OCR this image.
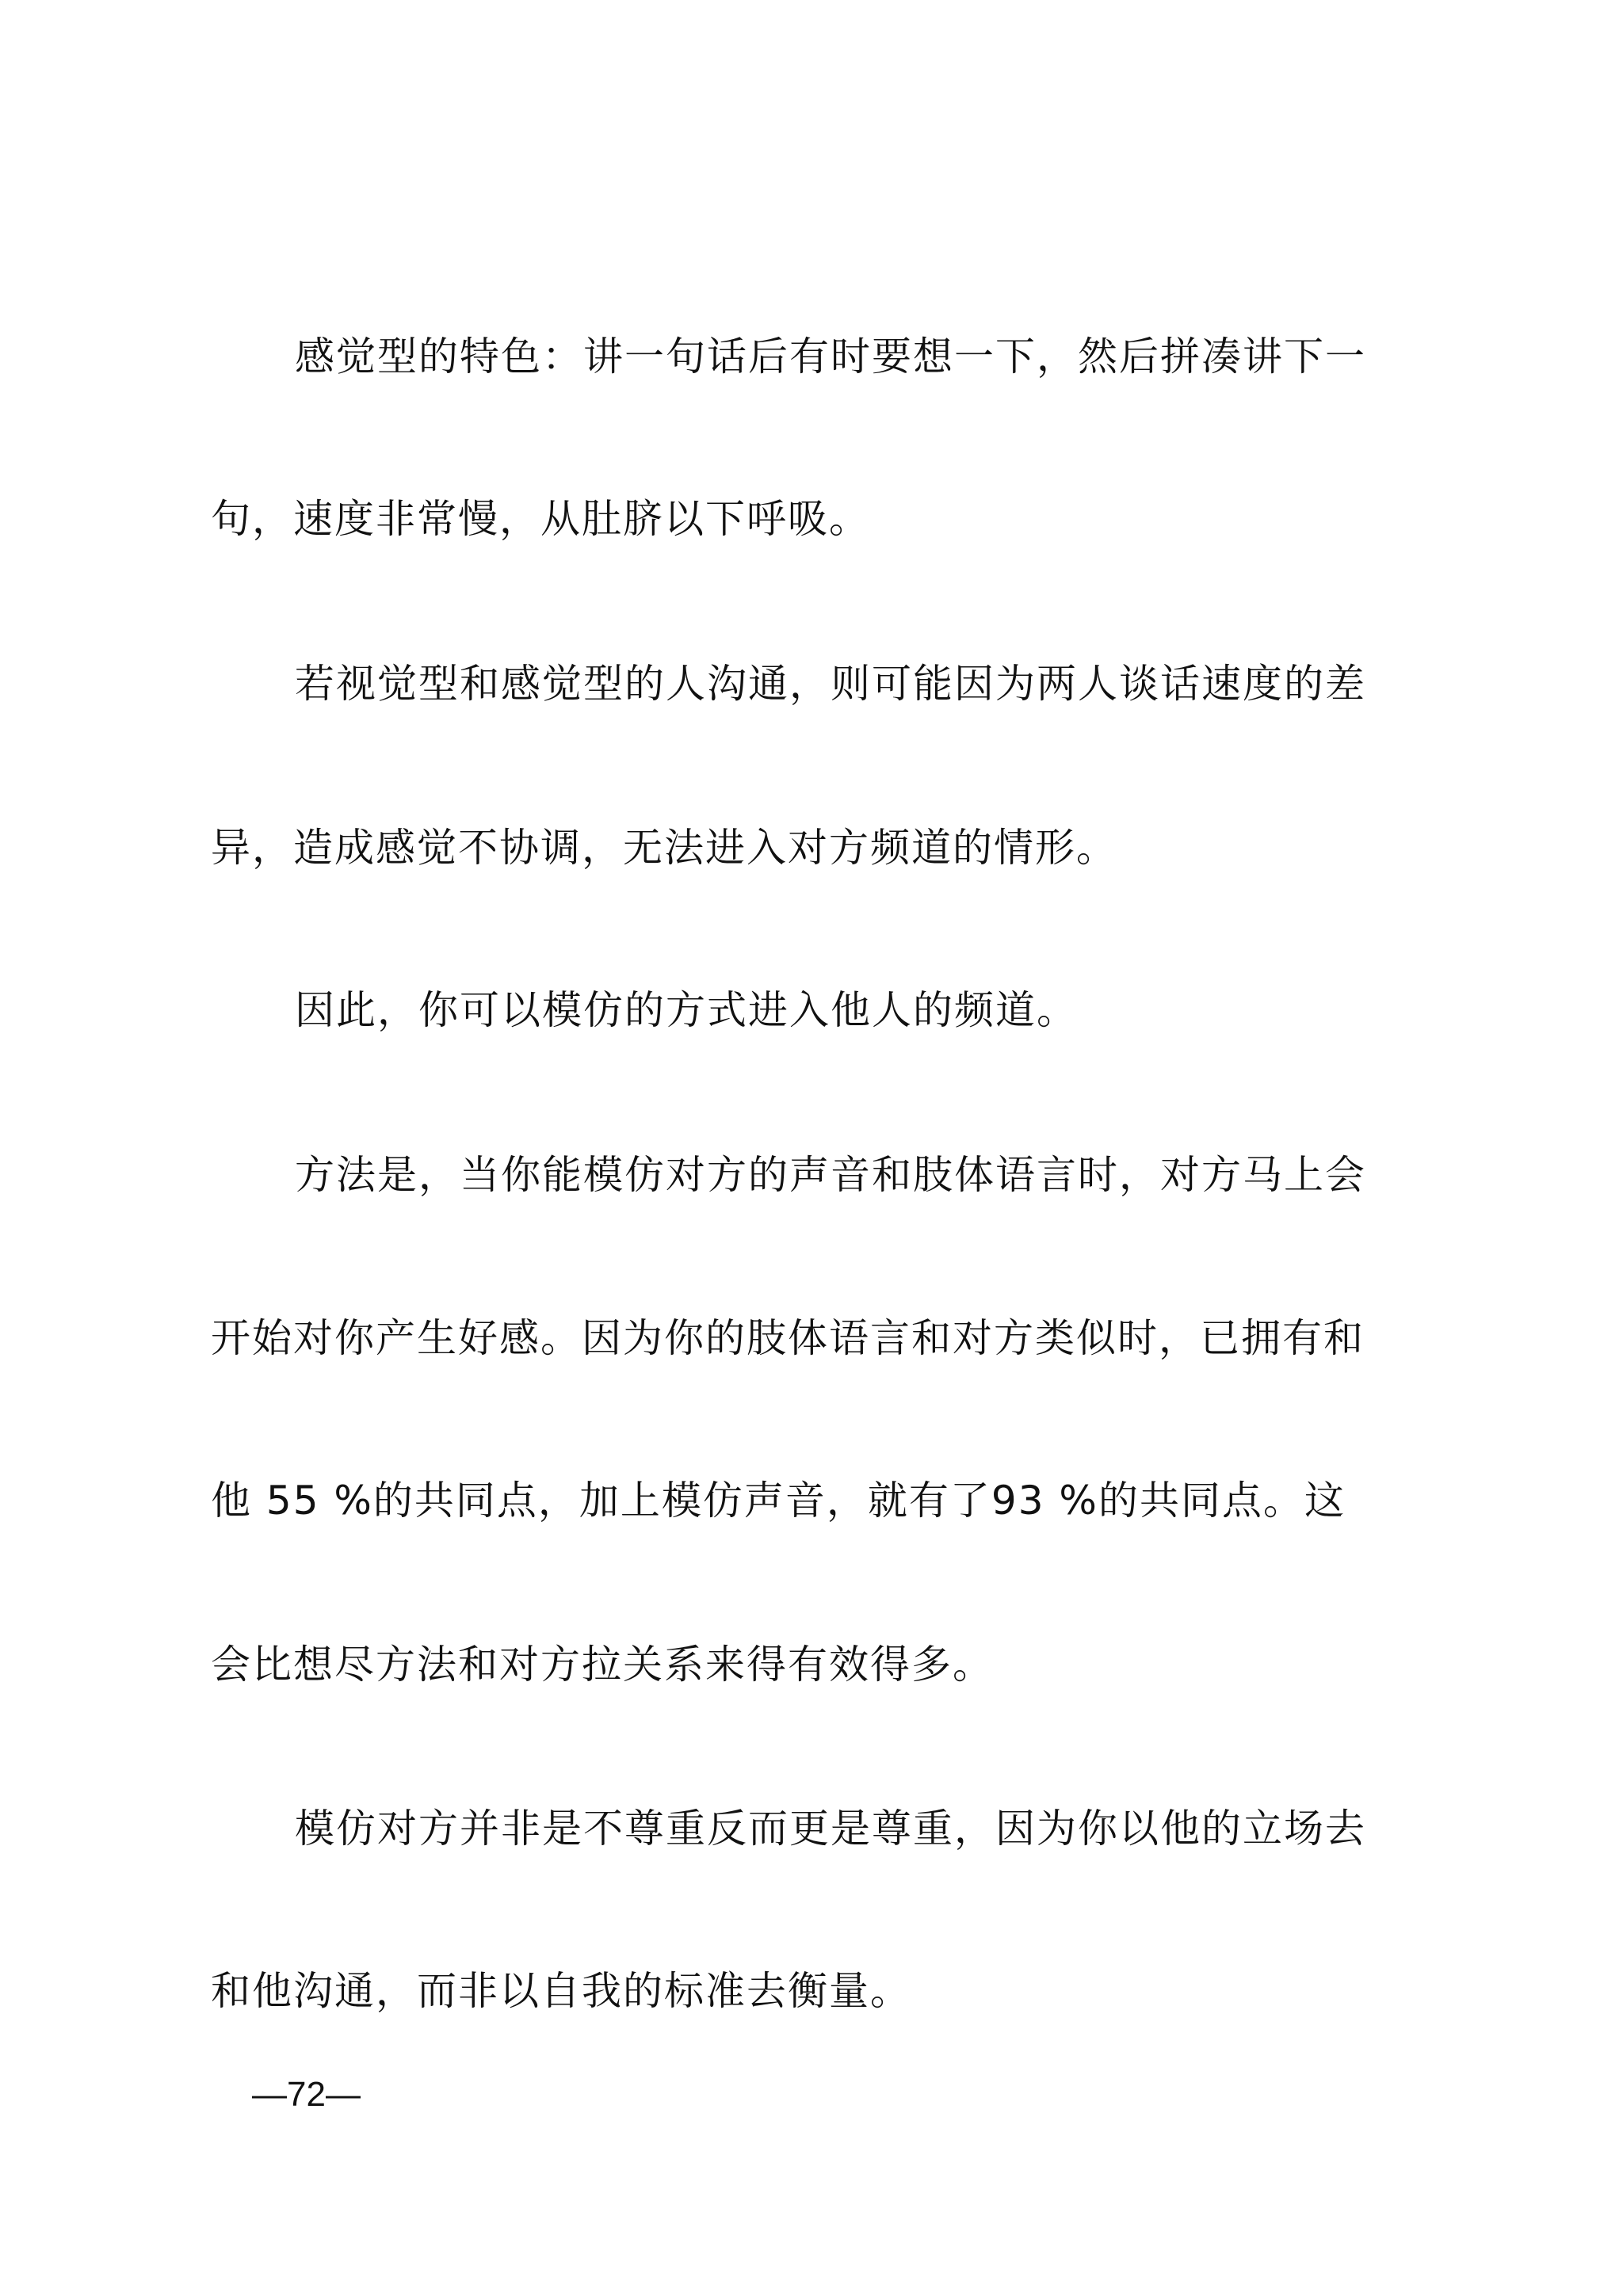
感觉型的特色：讲一句话后有时要想一下，然后拼凑讲下一
句，速度非常慢，从肚脐以下呼吸。
若视觉型和感觉型的人沟通，则可能因为两人谈话速度的差
异，造成感觉不协调，无法进入对方频道的情形。
因此，你可以模仿的方式进入他人的频道。
方法是，当你能模仿对方的声音和肢体语言时，对方马上会
开始对你产生好感。因为你的肢体语言和对方类似时，已拥有和
他 55 %的共同点，加上模仿声音，就有了93 %的共同点。这
会比想尽方法和对方拉关系来得有效得多。
模仿对方并非是不尊重反而更是尊重，因为你以他的立场去
和他沟通，而非以自我的标准去衡量。
—72—
